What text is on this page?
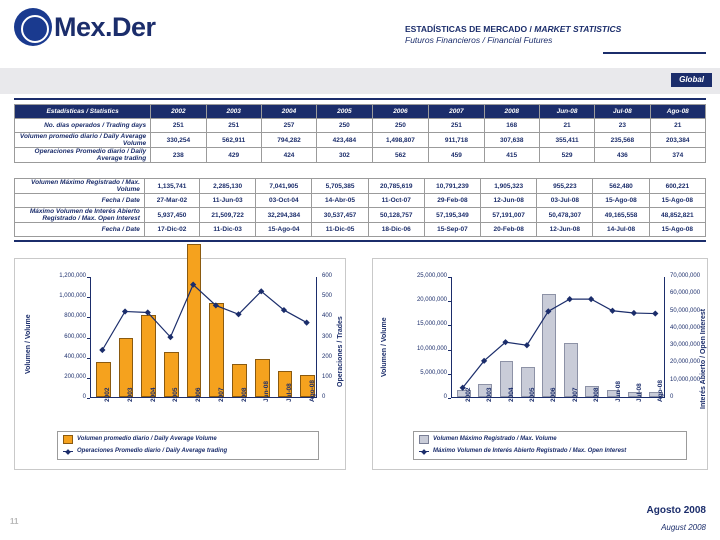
Mex.Der	ESTADÍSTICAS DE MERCADO / MARKET STATISTICS
Futuros Financieros / Financial Futures
Global
Estadísticas / Statistics	2002	2003	2004	2005	2006	2007	2008	Jun-08	Jul-08	Ago-08
No. días operados / Trading days	251	251	257	250	250	251	168	21	23	21
Volumen promedio diario / Daily Average Volume	330,254	562,911	794,282	423,484	1,498,807	911,718	307,638	355,411	235,568	203,384
Operaciones Promedio diario / Daily Average trading	238	429	424	302	562	459	415	529	436	374
Volumen Máximo Registrado / Max. Volume	1,135,741	2,285,130	7,041,905	5,705,385	20,785,619	10,791,239	1,905,323	955,223	562,480	600,221
Fecha / Date	27-Mar-02	11-Jun-03	03-Oct-04	14-Abr-05	11-Oct-07	29-Feb-08	12-Jun-08	03-Jul-08	15-Ago-08	15-Ago-08
Máximo Volumen de Interés Abierto Registrado / Max. Open Interest	5,937,450	21,509,722	32,294,384	30,537,457	50,128,757	57,195,349	57,191,007	50,478,307	49,165,558	48,852,821
Fecha / Date	17-Dic-02	11-Dic-03	15-Ago-04	11-Dic-05	18-Dic-06	15-Sep-07	20-Feb-08	12-Jun-08	14-Jul-08	15-Ago-08
Volumen / Volume	Operaciones / Trades
0
200,000
400,000
600,000
800,000
1,000,000
1,200,000
0
100
200
300
400
500
600
2002 2003 2004 2005 2006 2007 2008 Jun-08 Jul-08 Ago-08
Volumen promedio diario / Daily Average Volume
Operaciones Promedio diario / Daily Average trading
Volumen / Volume	Interés Abierto / Open Interest
0
5,000,000
10,000,000
15,000,000
20,000,000
25,000,000
0
10,000,000
20,000,000
30,000,000
40,000,000
50,000,000
60,000,000
70,000,000
2002 2003 2004 2005 2006 2007 2008 Jun-08 Jul-08 Ago-08
Volumen Máximo Registrado / Max. Volume
Máximo Volumen de Interés Abierto Registrado / Max. Open Interest
11
Agosto 2008
August 2008
